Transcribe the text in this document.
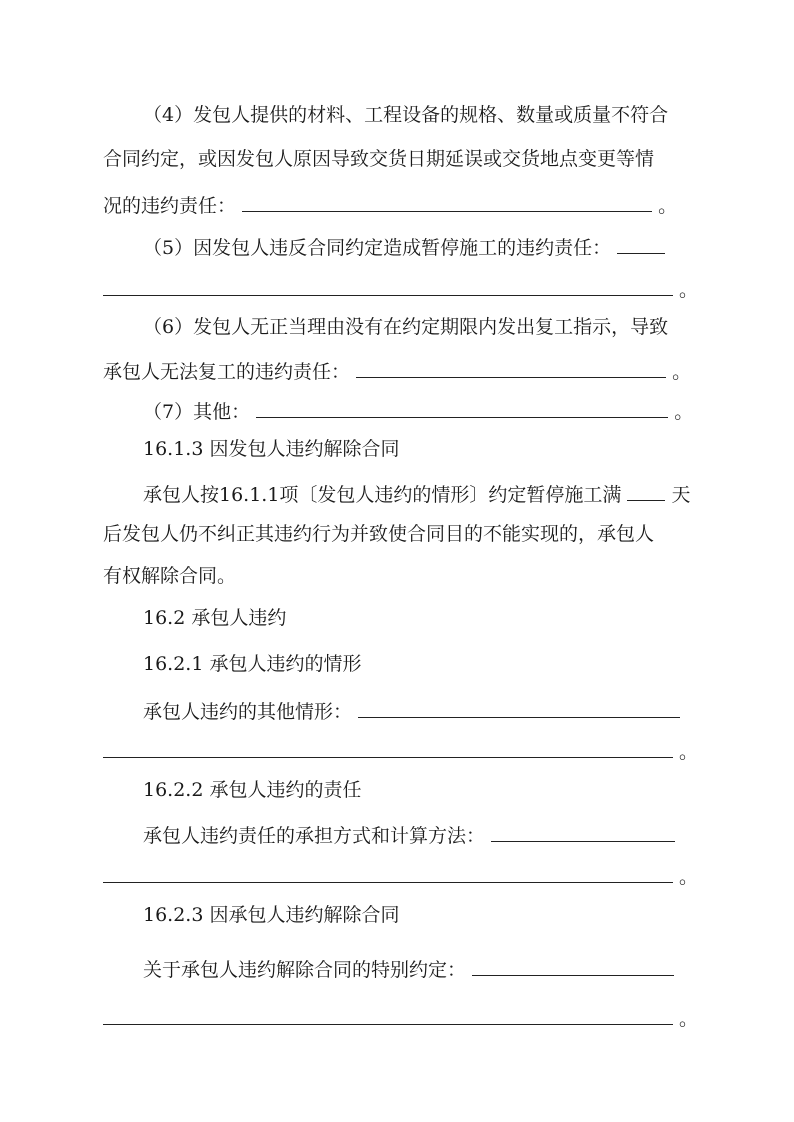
（4）发包人提供的材料、工程设备的规格、数量或质量不符合
合同约定，或因发包人原因导致交货日期延误或交货地点变更等情
况的违约责任：	。
（5）因发包人违反合同约定造成暂停施工的违约责任：
。
（6）发包人无正当理由没有在约定期限内发出复工指示，导致
承包人无法复工的违约责任：	。
（7）其他：	。
16.1.3 因发包人违约解除合同
承包人按16.1.1项〔发包人违约的情形〕约定暂停施工满	天
后发包人仍不纠正其违约行为并致使合同目的不能实现的，承包人
有权解除合同。
16.2 承包人违约
16.2.1 承包人违约的情形
承包人违约的其他情形：
。
16.2.2 承包人违约的责任
承包人违约责任的承担方式和计算方法：
。
16.2.3 因承包人违约解除合同
关于承包人违约解除合同的特别约定：
。
